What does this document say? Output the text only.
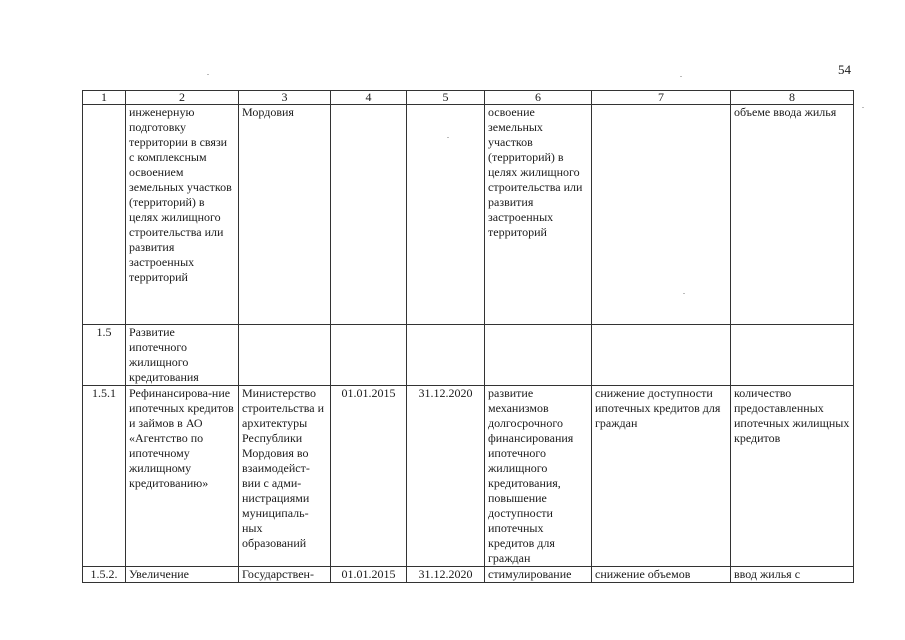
54
1	2	3	4	5	6	7	8
	инженерную подготовку территории в связи с комплексным освоением земельных участков (территорий) в целях жилищного строительства или развития застроенных территорий	Мордовия			освоение земельных участков (территорий) в целях жилищного строительства или развития застроенных территорий		объеме ввода жилья
1.5	Развитие ипотечного жилищного кредитования						
1.5.1	Рефинансирова-ние ипотечных кредитов и займов в АО «Агентство по ипотечному жилищному кредитованию»	Министерство строительства и архитектуры Республики Мордовия во взаимодейст-вии с адми-нистрациями муниципаль-ных образований	01.01.2015	31.12.2020	развитие механизмов долгосрочного финансирования ипотечного жилищного кредитования, повышение доступности ипотечных кредитов для граждан	снижение доступности ипотечных кредитов для граждан	количество предоставленных ипотечных жилищных кредитов
1.5.2.	Увеличение	Государствен-	01.01.2015	31.12.2020	стимулирование	снижение объемов	ввод жилья с
